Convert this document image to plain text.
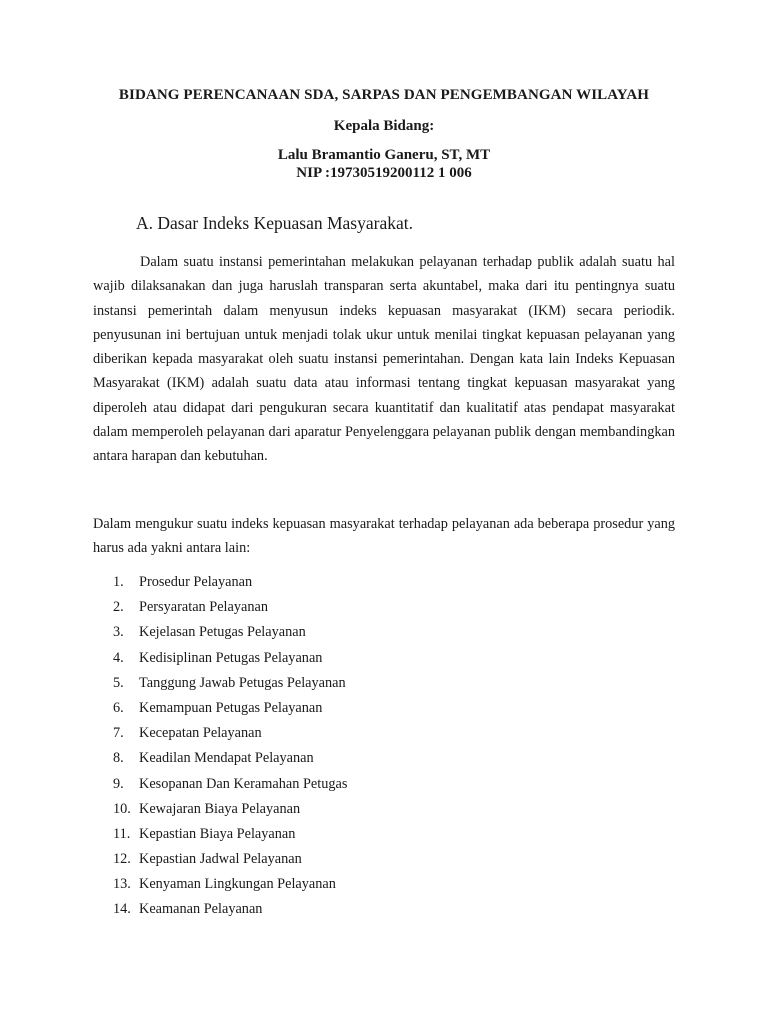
BIDANG PERENCANAAN SDA, SARPAS DAN PENGEMBANGAN WILAYAH
Kepala Bidang:
Lalu Bramantio Ganeru, ST, MT
NIP :19730519200112 1 006
A. Dasar Indeks Kepuasan Masyarakat.

Dalam suatu instansi pemerintahan melakukan pelayanan terhadap publik adalah suatu hal wajib dilaksanakan dan juga haruslah transparan serta akuntabel, maka dari itu pentingnya suatu instansi pemerintah dalam menyusun indeks kepuasan masyarakat (IKM) secara periodik. penyusunan ini bertujuan untuk menjadi tolak ukur untuk menilai tingkat kepuasan pelayanan yang diberikan kepada masyarakat oleh suatu instansi pemerintahan. Dengan kata lain Indeks Kepuasan Masyarakat (IKM) adalah suatu data atau informasi tentang tingkat kepuasan masyarakat yang diperoleh atau didapat dari pengukuran secara kuantitatif dan kualitatif atas pendapat masyarakat dalam memperoleh pelayanan dari aparatur Penyelenggara pelayanan publik dengan membandingkan antara harapan dan kebutuhan.

Dalam mengukur suatu indeks kepuasan masyarakat terhadap pelayanan ada beberapa prosedur yang harus ada yakni antara lain:

1. Prosedur Pelayanan
2. Persyaratan Pelayanan
3. Kejelasan Petugas Pelayanan
4. Kedisiplinan Petugas Pelayanan
5. Tanggung Jawab Petugas Pelayanan
6. Kemampuan Petugas Pelayanan
7. Kecepatan Pelayanan
8. Keadilan Mendapat Pelayanan
9. Kesopanan Dan Keramahan Petugas
10. Kewajaran Biaya Pelayanan
11. Kepastian Biaya Pelayanan
12. Kepastian Jadwal Pelayanan
13. Kenyaman Lingkungan Pelayanan
14. Keamanan Pelayanan
